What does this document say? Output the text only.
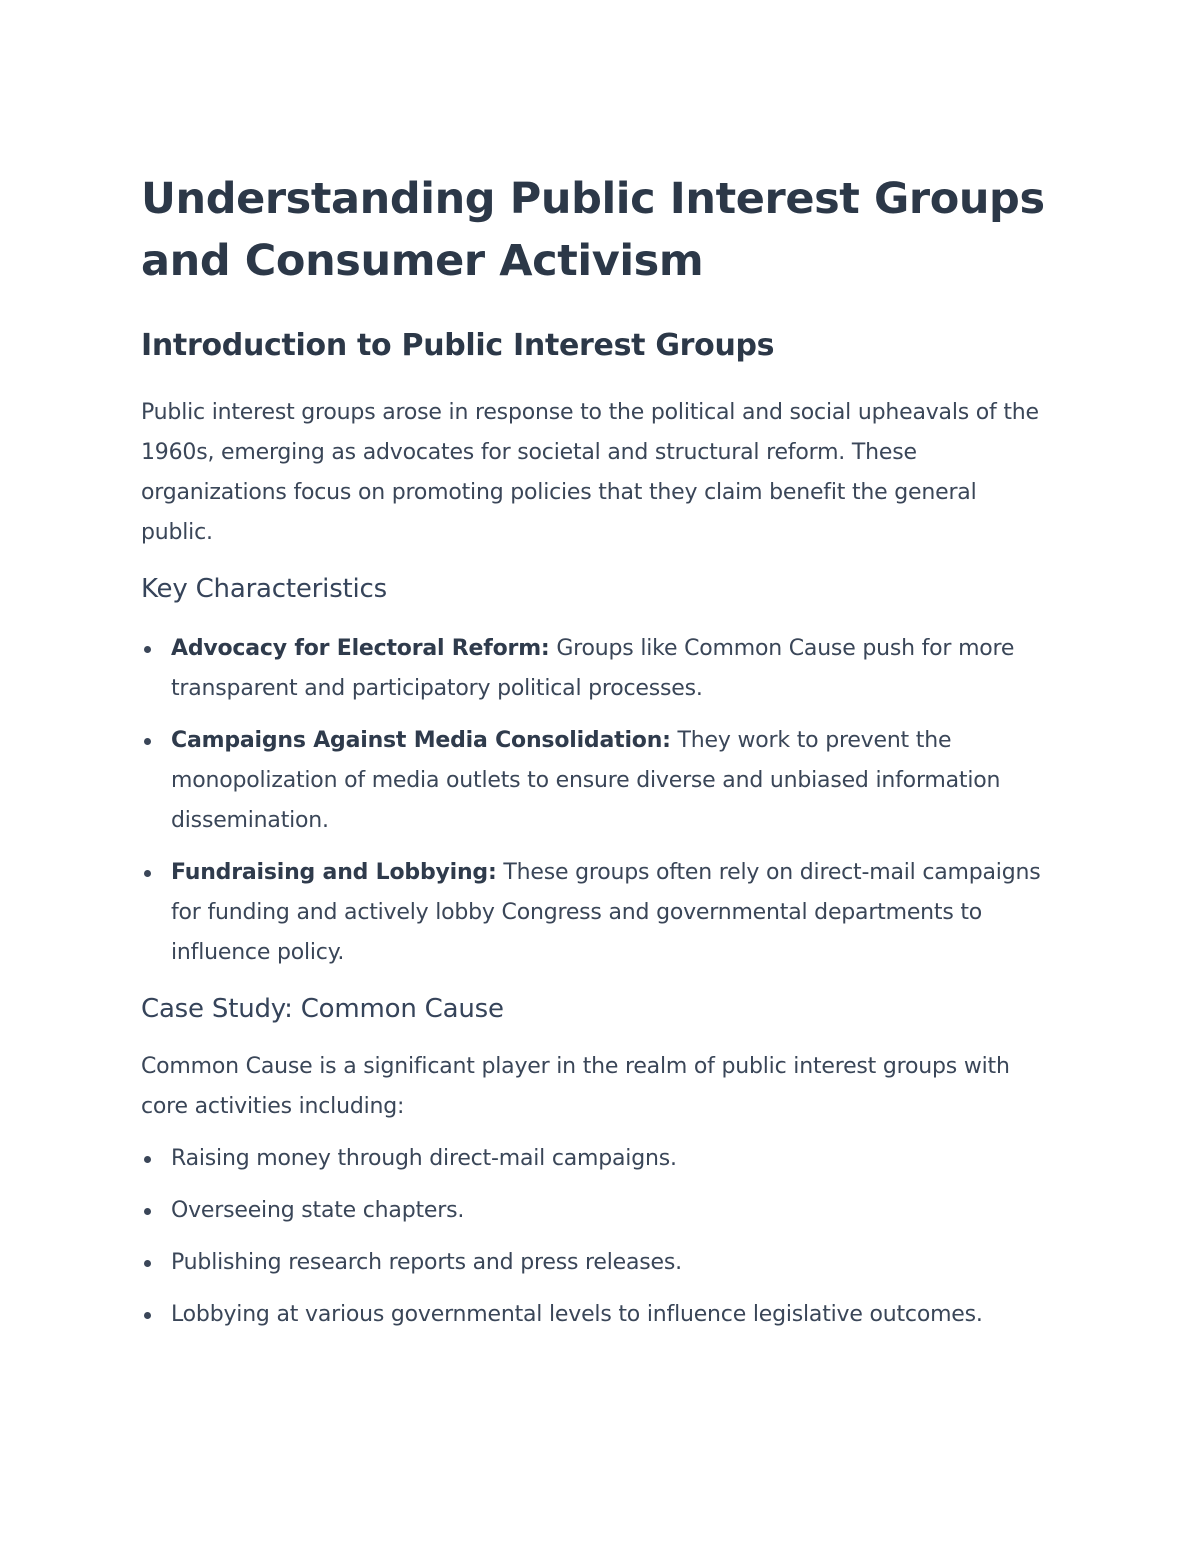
Understanding Public Interest Groups and Consumer Activism
Introduction to Public Interest Groups

Public interest groups arose in response to the political and social upheavals of the 1960s, emerging as advocates for societal and structural reform. These organizations focus on promoting policies that they claim benefit the general public.

Key Characteristics
Advocacy for Electoral Reform: Groups like Common Cause push for more transparent and participatory political processes.
Campaigns Against Media Consolidation: They work to prevent the monopolization of media outlets to ensure diverse and unbiased information dissemination.
Fundraising and Lobbying: These groups often rely on direct-mail campaigns for funding and actively lobby Congress and governmental departments to influence policy.
Case Study: Common Cause

Common Cause is a significant player in the realm of public interest groups with core activities including:

Raising money through direct-mail campaigns.
Overseeing state chapters.
Publishing research reports and press releases.
Lobbying at various governmental levels to influence legislative outcomes.
